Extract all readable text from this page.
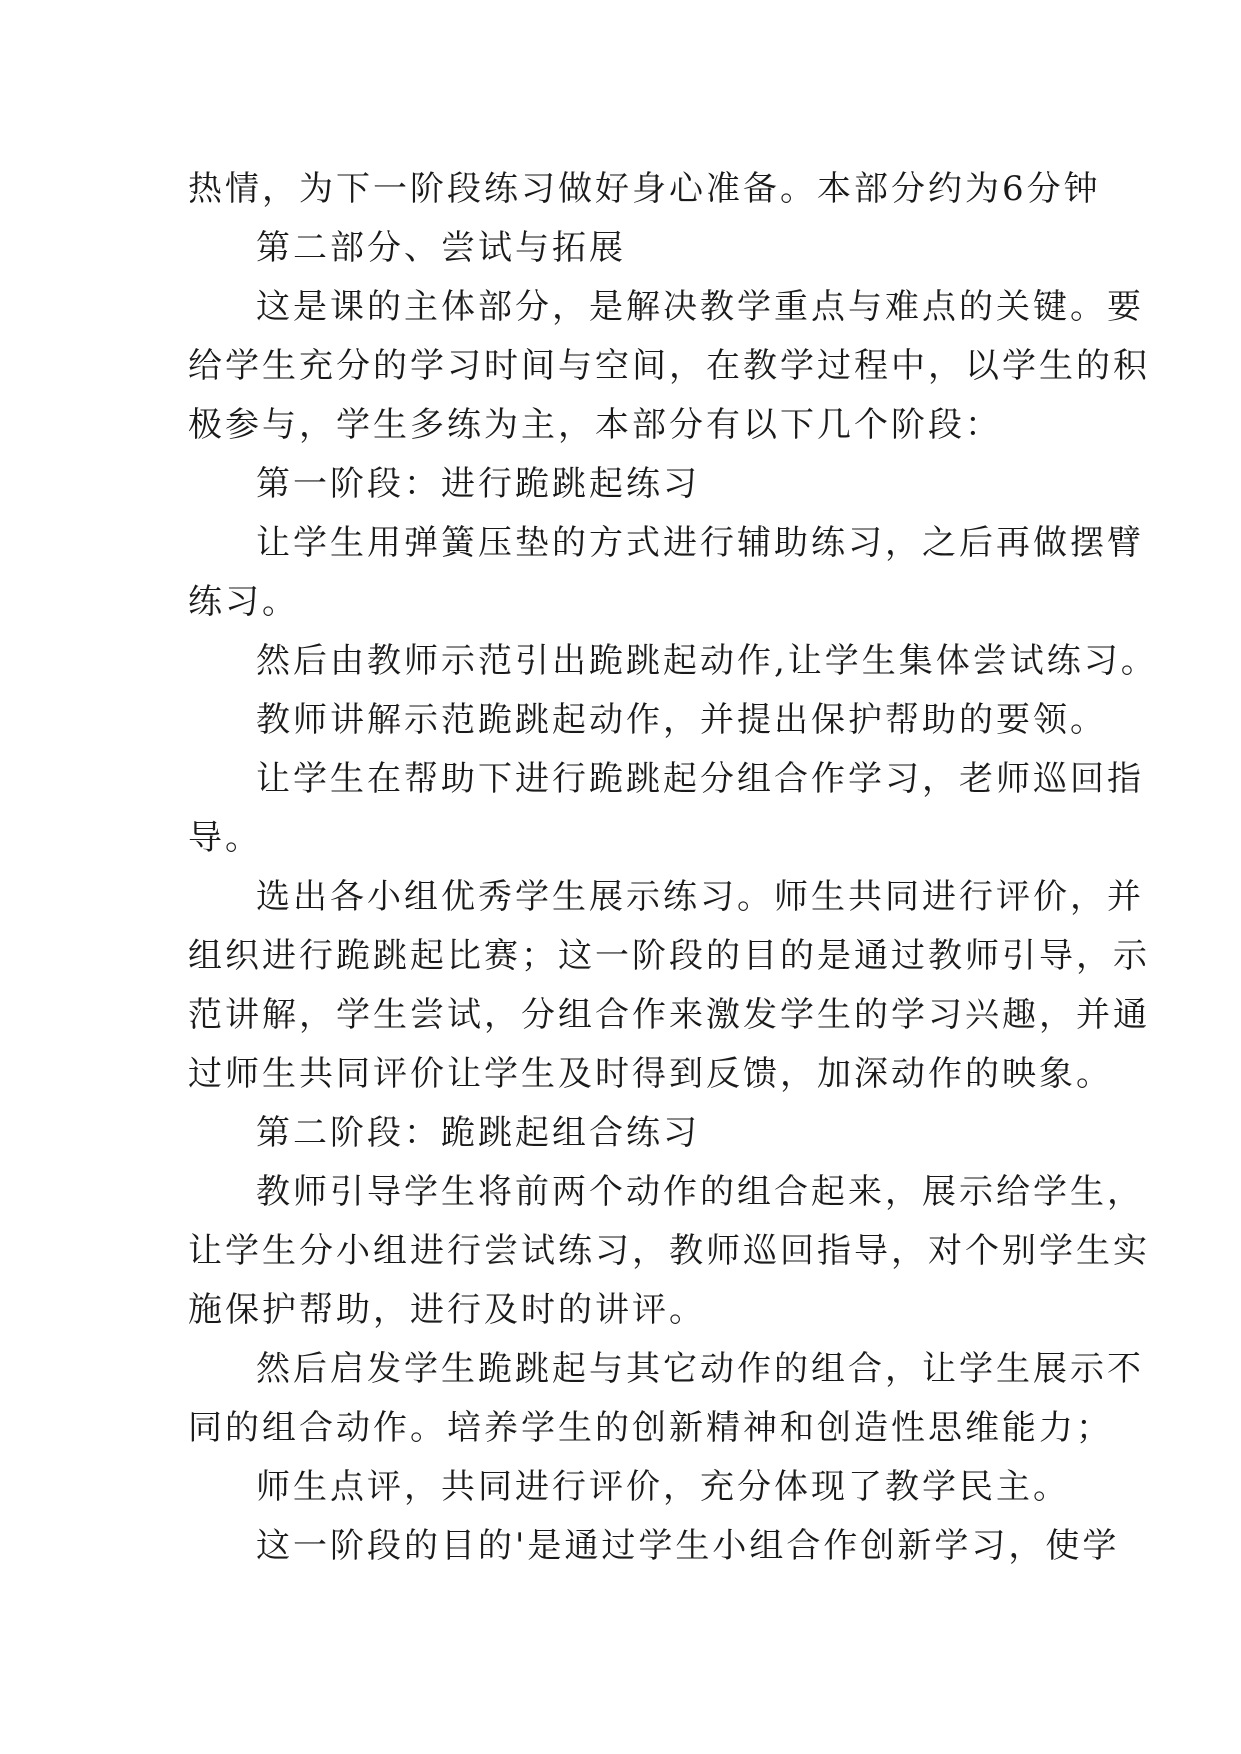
热情，为下一阶段练习做好身心准备。本部分约为6分钟
第二部分、尝试与拓展
这是课的主体部分，是解决教学重点与难点的关键。要
给学生充分的学习时间与空间，在教学过程中，以学生的积
极参与，学生多练为主，本部分有以下几个阶段：
第一阶段：进行跪跳起练习
让学生用弹簧压垫的方式进行辅助练习，之后再做摆臂
练习。
然后由教师示范引出跪跳起动作,让学生集体尝试练习。
教师讲解示范跪跳起动作，并提出保护帮助的要领。
让学生在帮助下进行跪跳起分组合作学习，老师巡回指
导。
选出各小组优秀学生展示练习。师生共同进行评价，并
组织进行跪跳起比赛；这一阶段的目的是通过教师引导，示
范讲解，学生尝试，分组合作来激发学生的学习兴趣，并通
过师生共同评价让学生及时得到反馈，加深动作的映象。
第二阶段：跪跳起组合练习
教师引导学生将前两个动作的组合起来，展示给学生，
让学生分小组进行尝试练习，教师巡回指导，对个别学生实
施保护帮助，进行及时的讲评。
然后启发学生跪跳起与其它动作的组合，让学生展示不
同的组合动作。培养学生的创新精神和创造性思维能力；
师生点评，共同进行评价，充分体现了教学民主。
这一阶段的目的'是通过学生小组合作创新学习，使学
